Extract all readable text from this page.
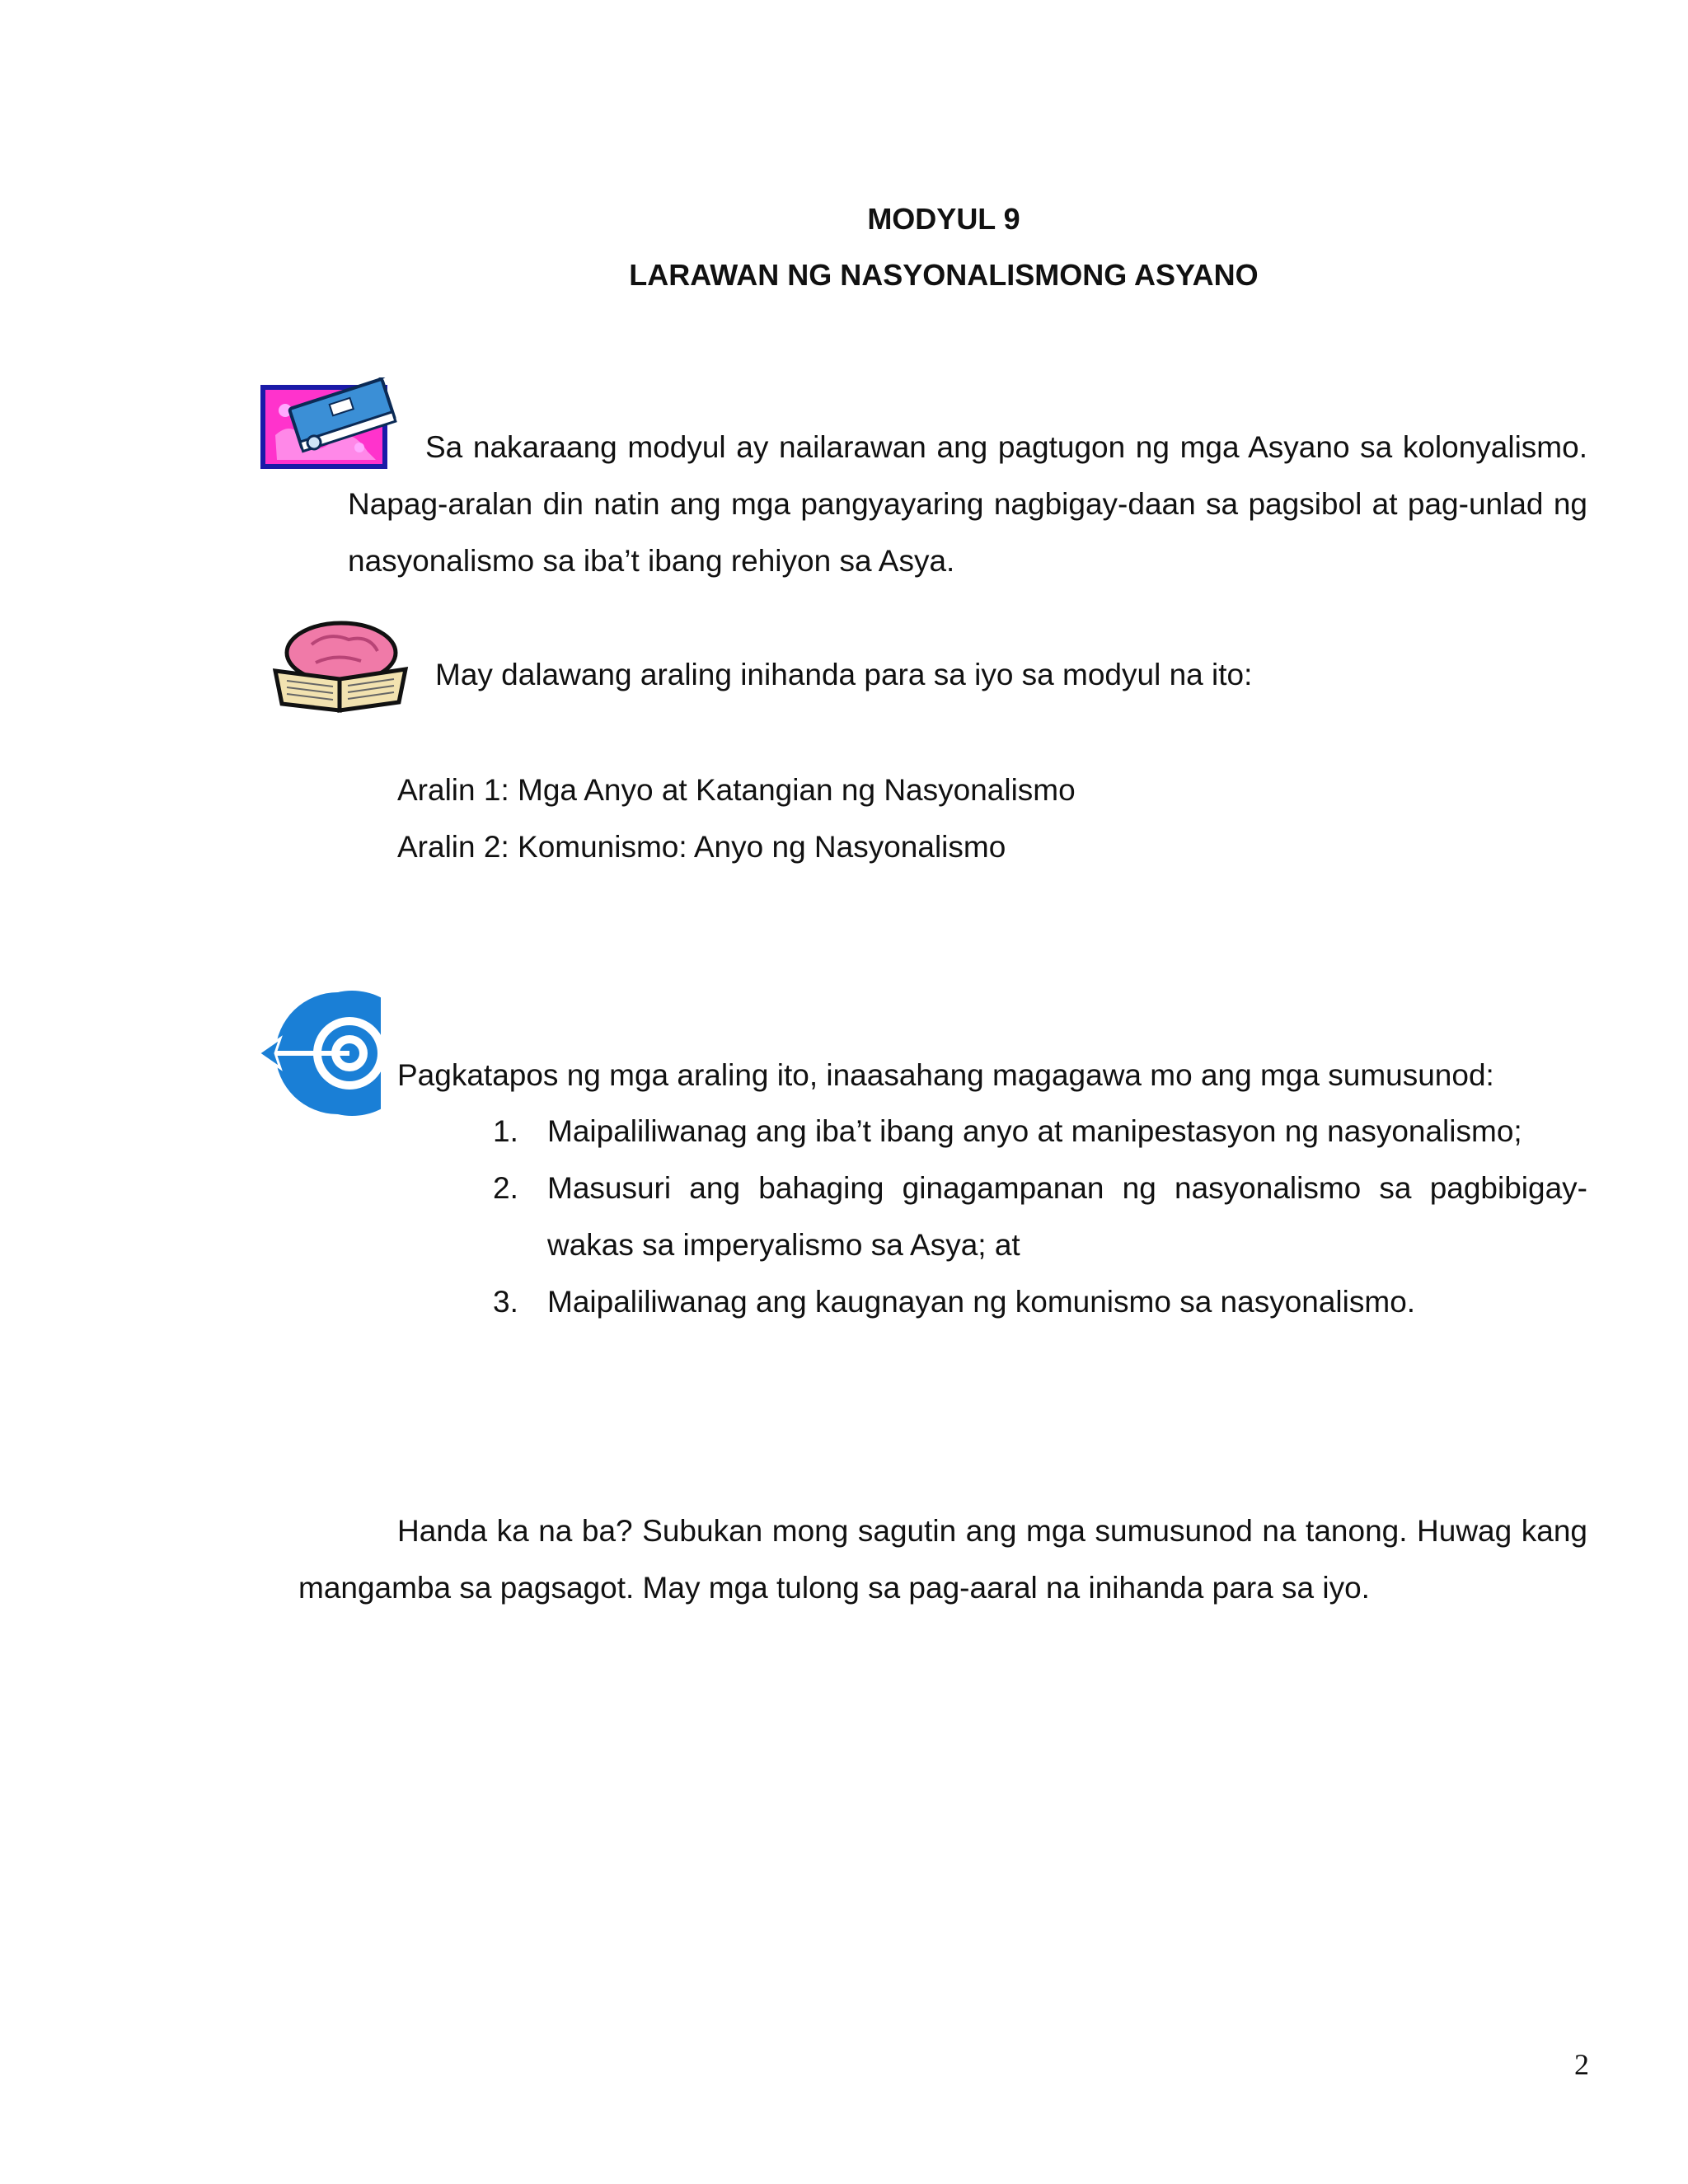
MODYUL 9
LARAWAN NG NASYONALISMONG ASYANO

Sa nakaraang modyul ay nailarawan ang pagtugon ng mga Asyano sa kolonyalismo. Napag-aralan din natin ang mga pangyayaring nagbigay-daan sa pagsibol at pag-unlad ng nasyonalismo sa iba’t ibang rehiyon sa Asya.

May dalawang araling inihanda para sa iyo sa modyul na ito:

Aralin 1: Mga Anyo at Katangian ng Nasyonalismo

Aralin 2: Komunismo: Anyo ng Nasyonalismo

Pagkatapos ng mga araling ito, inaasahang magagawa mo ang mga sumusunod:

1. Maipaliliwanag ang iba’t ibang anyo at manipestasyon ng nasyonalismo;
2. Masusuri ang bahaging ginagampanan ng nasyonalismo sa pagbibigay-wakas sa imperyalismo sa Asya; at
3. Maipaliliwanag ang kaugnayan ng komunismo sa nasyonalismo.

Handa ka na ba? Subukan mong sagutin ang mga sumusunod na tanong. Huwag kang mangamba sa pagsagot. May mga tulong sa pag-aaral na inihanda para sa iyo.

2
